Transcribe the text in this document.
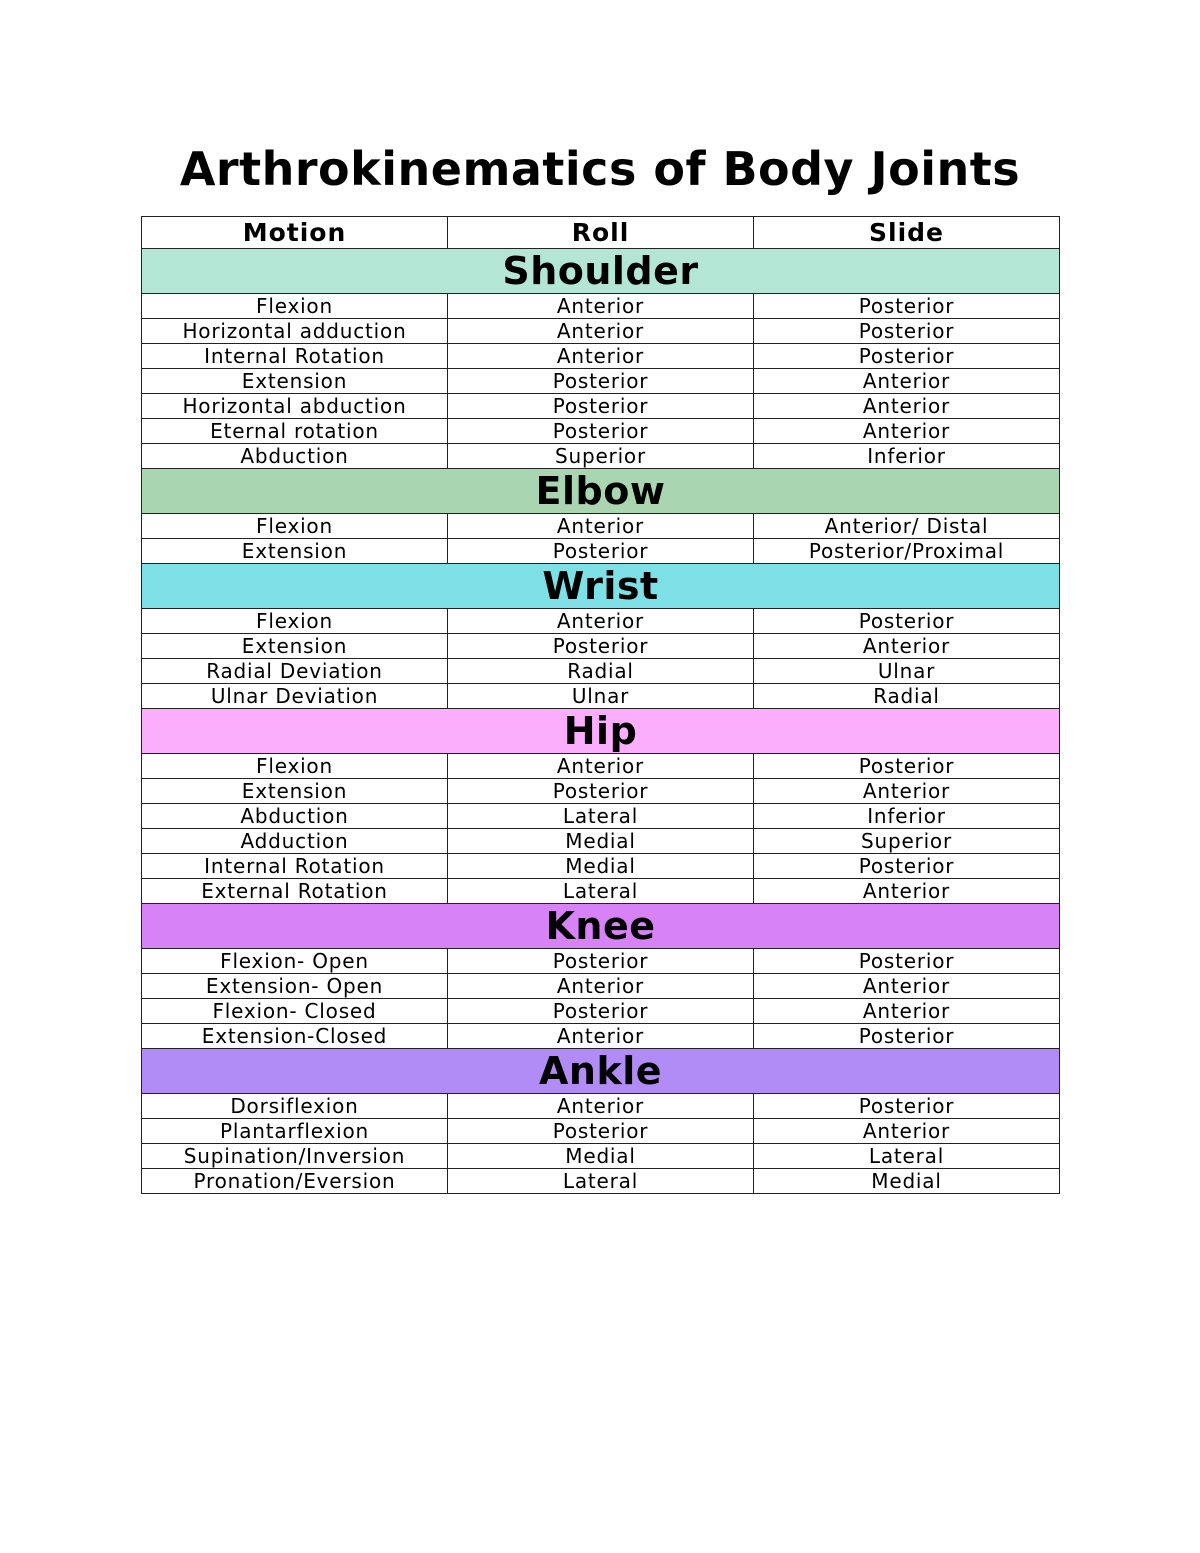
Arthrokinematics of Body Joints
Motion	Roll	Slide
Shoulder		
Flexion	Anterior	Posterior
Horizontal adduction	Anterior	Posterior
Internal Rotation	Anterior	Posterior
Extension	Posterior	Anterior
Horizontal abduction	Posterior	Anterior
Eternal rotation	Posterior	Anterior
Abduction	Superior	Inferior
Elbow		
Flexion	Anterior	Anterior/ Distal
Extension	Posterior	Posterior/Proximal
Wrist		
Flexion	Anterior	Posterior
Extension	Posterior	Anterior
Radial Deviation	Radial	Ulnar
Ulnar Deviation	Ulnar	Radial
Hip		
Flexion	Anterior	Posterior
Extension	Posterior	Anterior
Abduction	Lateral	Inferior
Adduction	Medial	Superior
Internal Rotation	Medial	Posterior
External Rotation	Lateral	Anterior
Knee		
Flexion- Open	Posterior	Posterior
Extension- Open	Anterior	Anterior
Flexion- Closed	Posterior	Anterior
Extension-Closed	Anterior	Posterior
Ankle		
Dorsiflexion	Anterior	Posterior
Plantarflexion	Posterior	Anterior
Supination/Inversion	Medial	Lateral
Pronation/Eversion	Lateral	Medial
